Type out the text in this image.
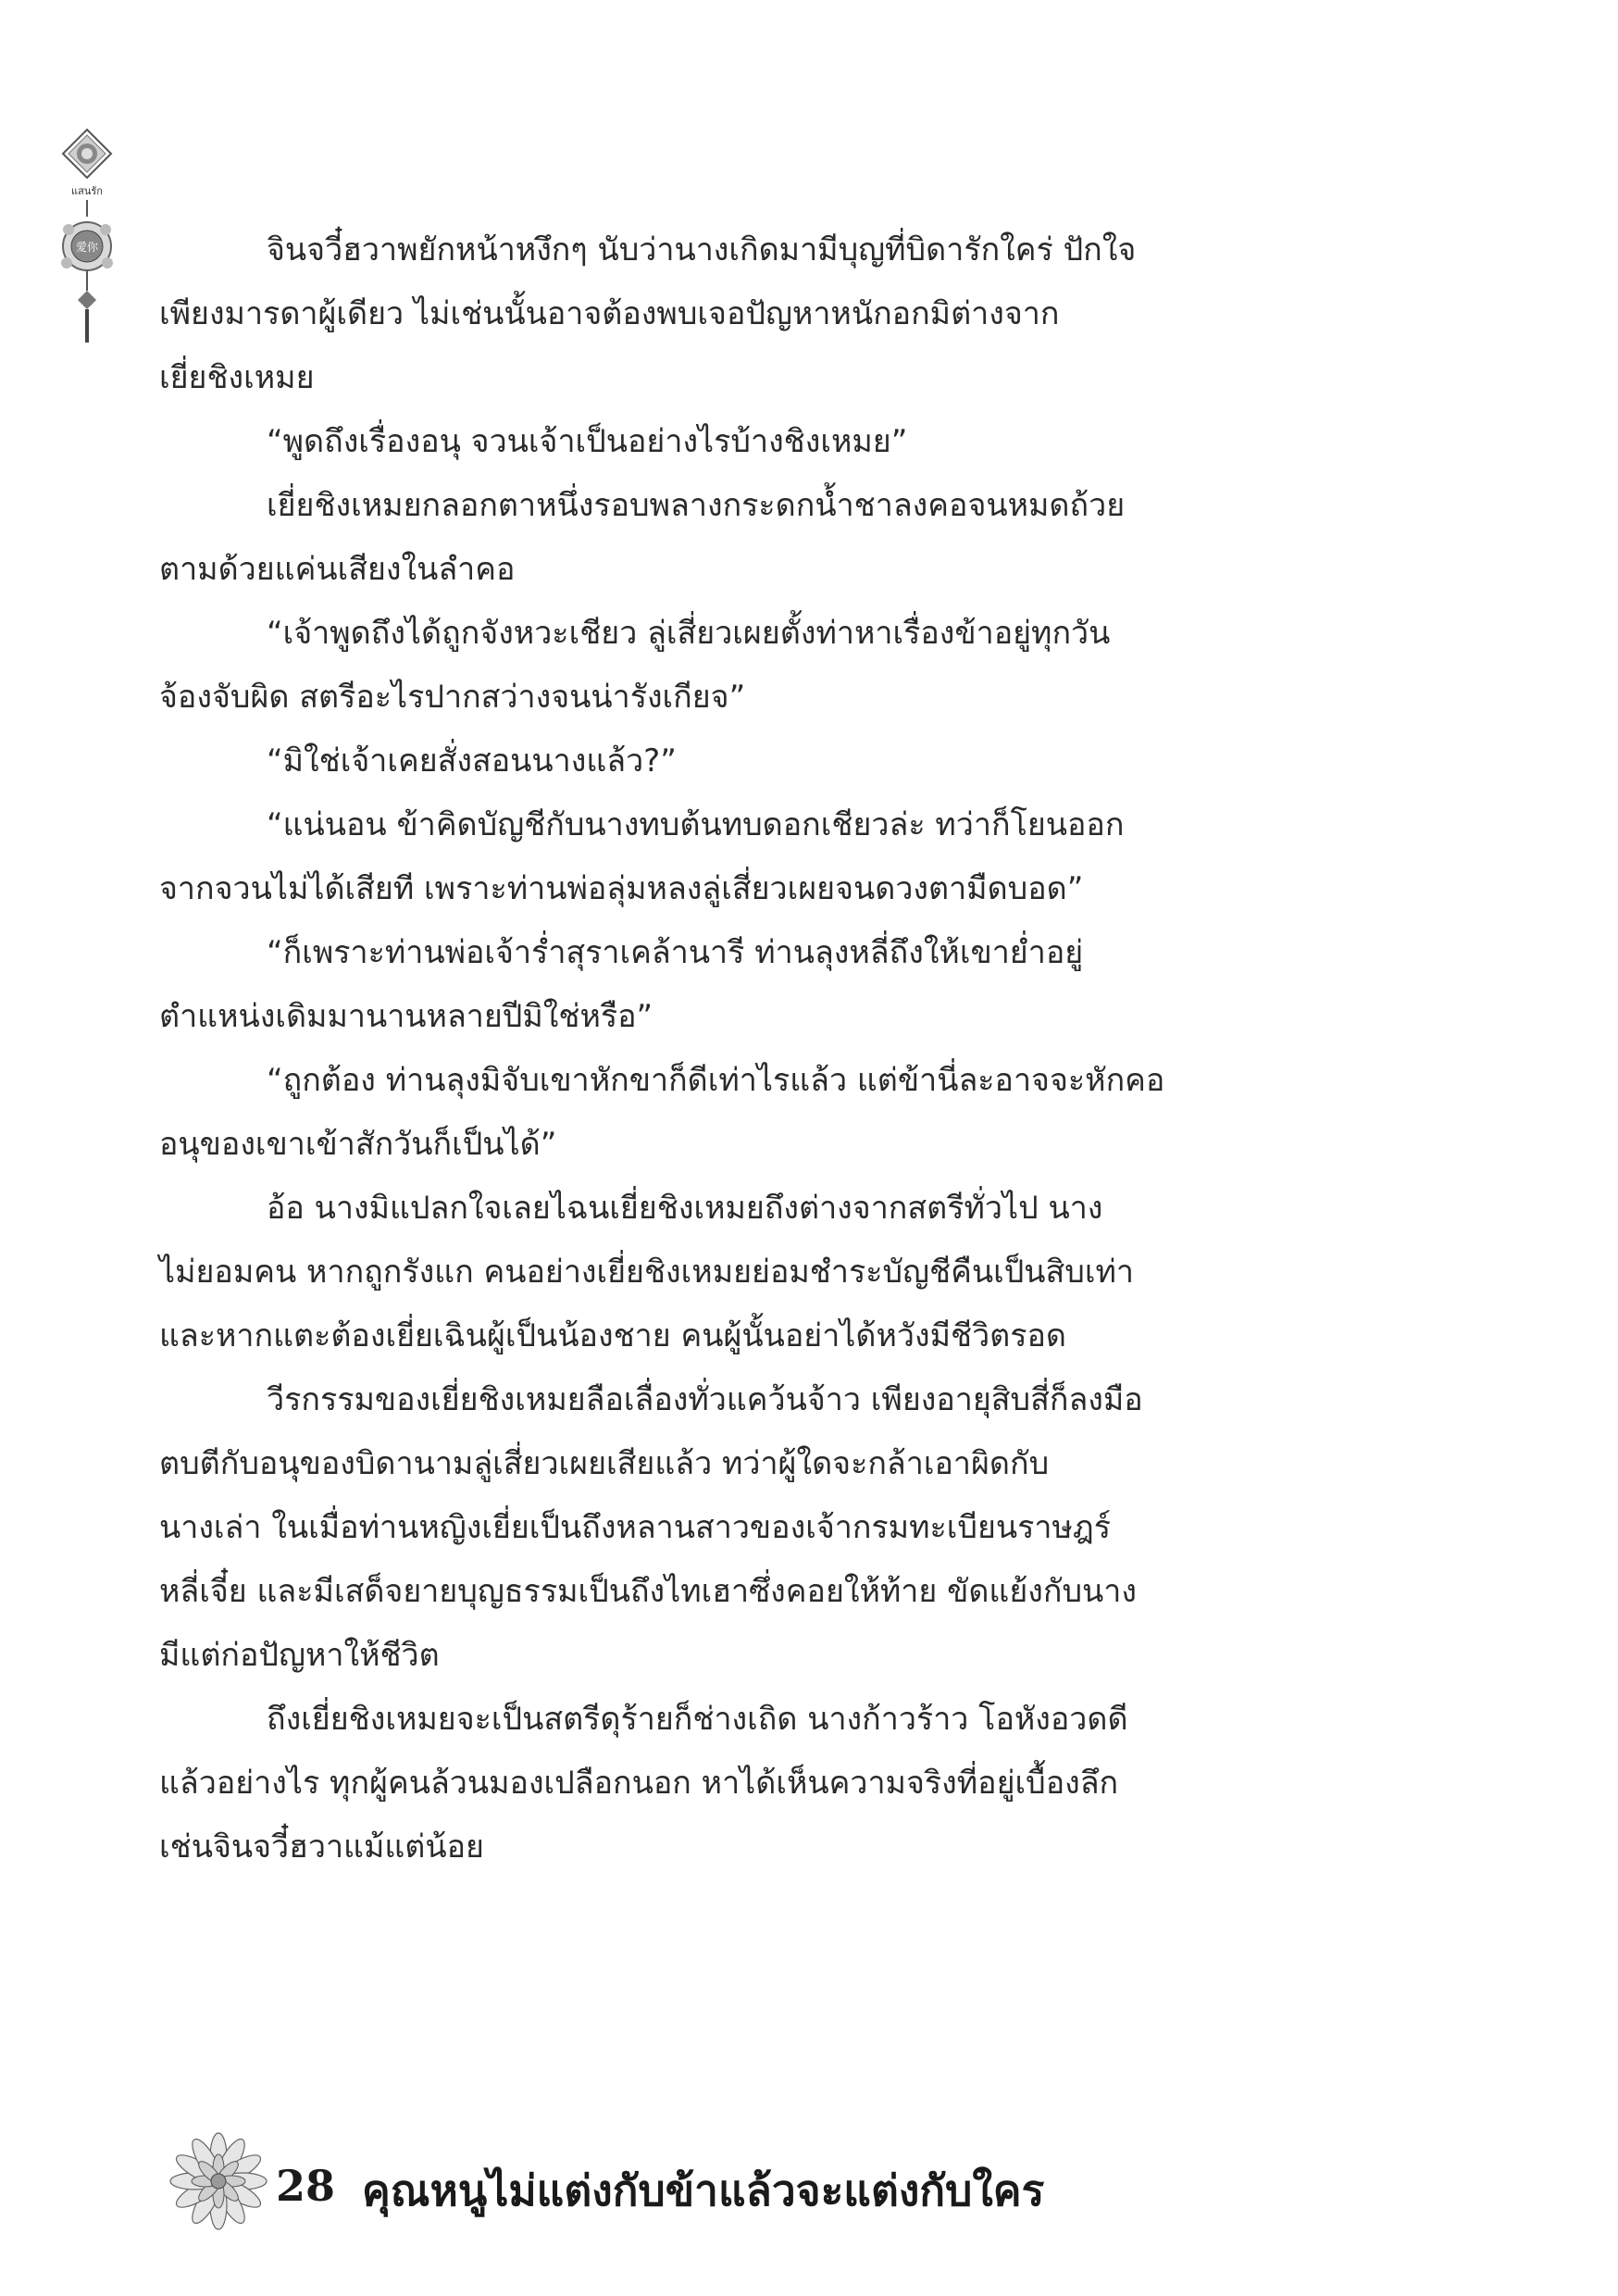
แสนรัก
愛你	จินจวี๋ฮวาพยักหน้าหงึกๆ นับว่านางเกิดมามีบุญที่บิดารักใคร่ ปักใจ
เพียงมารดาผู้เดียว ไม่เช่นนั้นอาจต้องพบเจอปัญหาหนักอกมิต่างจาก
เยี่ยชิงเหมย
“พูดถึงเรื่องอนุ จวนเจ้าเป็นอย่างไรบ้างชิงเหมย”
เยี่ยชิงเหมยกลอกตาหนึ่งรอบพลางกระดกน้ำชาลงคอจนหมดถ้วย
ตามด้วยแค่นเสียงในลำคอ
“เจ้าพูดถึงได้ถูกจังหวะเชียว ลู่เสี่ยวเผยตั้งท่าหาเรื่องข้าอยู่ทุกวัน
จ้องจับผิด สตรีอะไรปากสว่างจนน่ารังเกียจ”
“มิใช่เจ้าเคยสั่งสอนนางแล้ว?”
“แน่นอน ข้าคิดบัญชีกับนางทบต้นทบดอกเชียวล่ะ ทว่าก็โยนออก
จากจวนไม่ได้เสียที เพราะท่านพ่อลุ่มหลงลู่เสี่ยวเผยจนดวงตามืดบอด”
“ก็เพราะท่านพ่อเจ้าร่ำสุราเคล้านารี ท่านลุงหลี่ถึงให้เขาย่ำอยู่
ตำแหน่งเดิมมานานหลายปีมิใช่หรือ”
“ถูกต้อง ท่านลุงมิจับเขาหักขาก็ดีเท่าไรแล้ว แต่ข้านี่ละอาจจะหักคอ
อนุของเขาเข้าสักวันก็เป็นได้”
อ้อ นางมิแปลกใจเลยไฉนเยี่ยชิงเหมยถึงต่างจากสตรีทั่วไป นาง
ไม่ยอมคน หากถูกรังแก คนอย่างเยี่ยชิงเหมยย่อมชำระบัญชีคืนเป็นสิบเท่า
และหากแตะต้องเยี่ยเฉินผู้เป็นน้องชาย คนผู้นั้นอย่าได้หวังมีชีวิตรอด
วีรกรรมของเยี่ยชิงเหมยลือเลื่องทั่วแคว้นจ้าว เพียงอายุสิบสี่ก็ลงมือ
ตบตีกับอนุของบิดานามลู่เสี่ยวเผยเสียแล้ว ทว่าผู้ใดจะกล้าเอาผิดกับ
นางเล่า ในเมื่อท่านหญิงเยี่ยเป็นถึงหลานสาวของเจ้ากรมทะเบียนราษฎร์
หลี่เจี๋ย และมีเสด็จยายบุญธรรมเป็นถึงไทเฮาซึ่งคอยให้ท้าย ขัดแย้งกับนาง
มีแต่ก่อปัญหาให้ชีวิต
ถึงเยี่ยชิงเหมยจะเป็นสตรีดุร้ายก็ช่างเถิด นางก้าวร้าว โอหังอวดดี
แล้วอย่างไร ทุกผู้คนล้วนมองเปลือกนอก หาได้เห็นความจริงที่อยู่เบื้องลึก
เช่นจินจวี๋ฮวาแม้แต่น้อย
28 คุณหนูไม่แต่งกับข้าแล้วจะแต่งกับใคร
